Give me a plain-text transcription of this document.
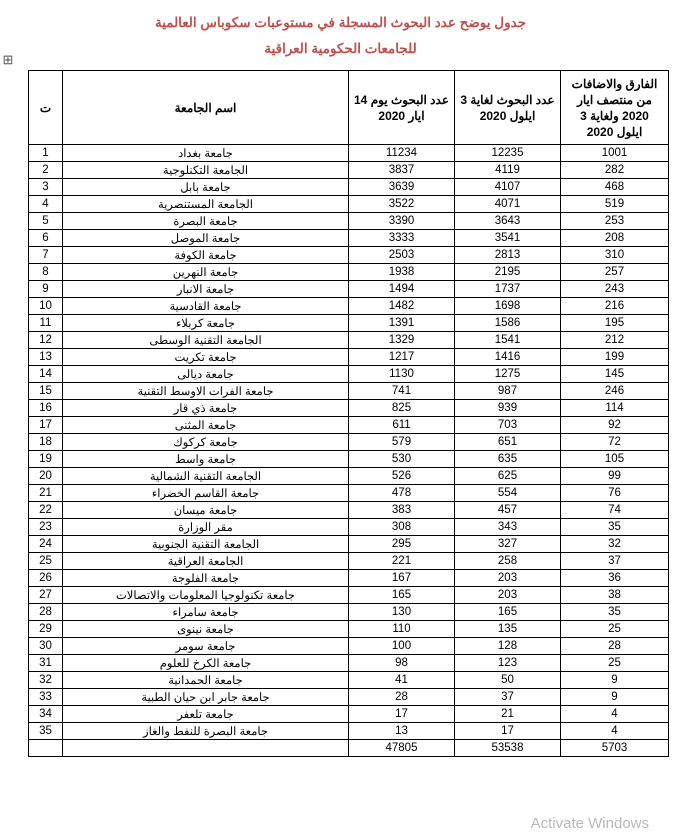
جدول يوضح عدد البحوث المسجلة في مستوعبات سكوباس العالمية
للجامعات الحكومية العراقية
⊞
الفارق والاضافات من منتصف ايار 2020 ولغاية 3 ايلول 2020	عدد البحوث لغاية 3 ايلول 2020	عدد البحوث يوم 14 ايار 2020	اسم الجامعة	ت
1001	12235	11234	جامعة بغداد	1
282	4119	3837	الجامعة التكنلوجية	2
468	4107	3639	جامعة بابل	3
519	4071	3522	الجامعة المستنصرية	4
253	3643	3390	جامعة البصرة	5
208	3541	3333	جامعة الموصل	6
310	2813	2503	جامعة الكوفة	7
257	2195	1938	جامعة النهرين	8
243	1737	1494	جامعة الانبار	9
216	1698	1482	جامعة القادسية	10
195	1586	1391	جامعة كربلاء	11
212	1541	1329	الجامعة التقنية الوسطى	12
199	1416	1217	جامعة تكريت	13
145	1275	1130	جامعة ديالى	14
246	987	741	جامعة الفرات الاوسط التقنية	15
114	939	825	جامعة ذي قار	16
92	703	611	جامعة المثنى	17
72	651	579	جامعة كركوك	18
105	635	530	جامعة واسط	19
99	625	526	الجامعة التقنية الشمالية	20
76	554	478	جامعة القاسم الخضراء	21
74	457	383	جامعة ميسان	22
35	343	308	مقر الوزارة	23
32	327	295	الجامعة التقنية الجنوبية	24
37	258	221	الجامعة العراقية	25
36	203	167	جامعة الفلوجة	26
38	203	165	جامعة تكنولوجيا المعلومات والاتصالات	27
35	165	130	جامعة سامراء	28
25	135	110	جامعة نينوى	29
28	128	100	جامعة سومر	30
25	123	98	جامعة الكرخ للعلوم	31
9	50	41	جامعة الحمدانية	32
9	37	28	جامعة جابر ابن حيان الطبية	33
4	21	17	جامعة تلعفر	34
4	17	13	جامعة البصرة للنفط والغاز	35
5703	53538	47805		
Activate Windows
